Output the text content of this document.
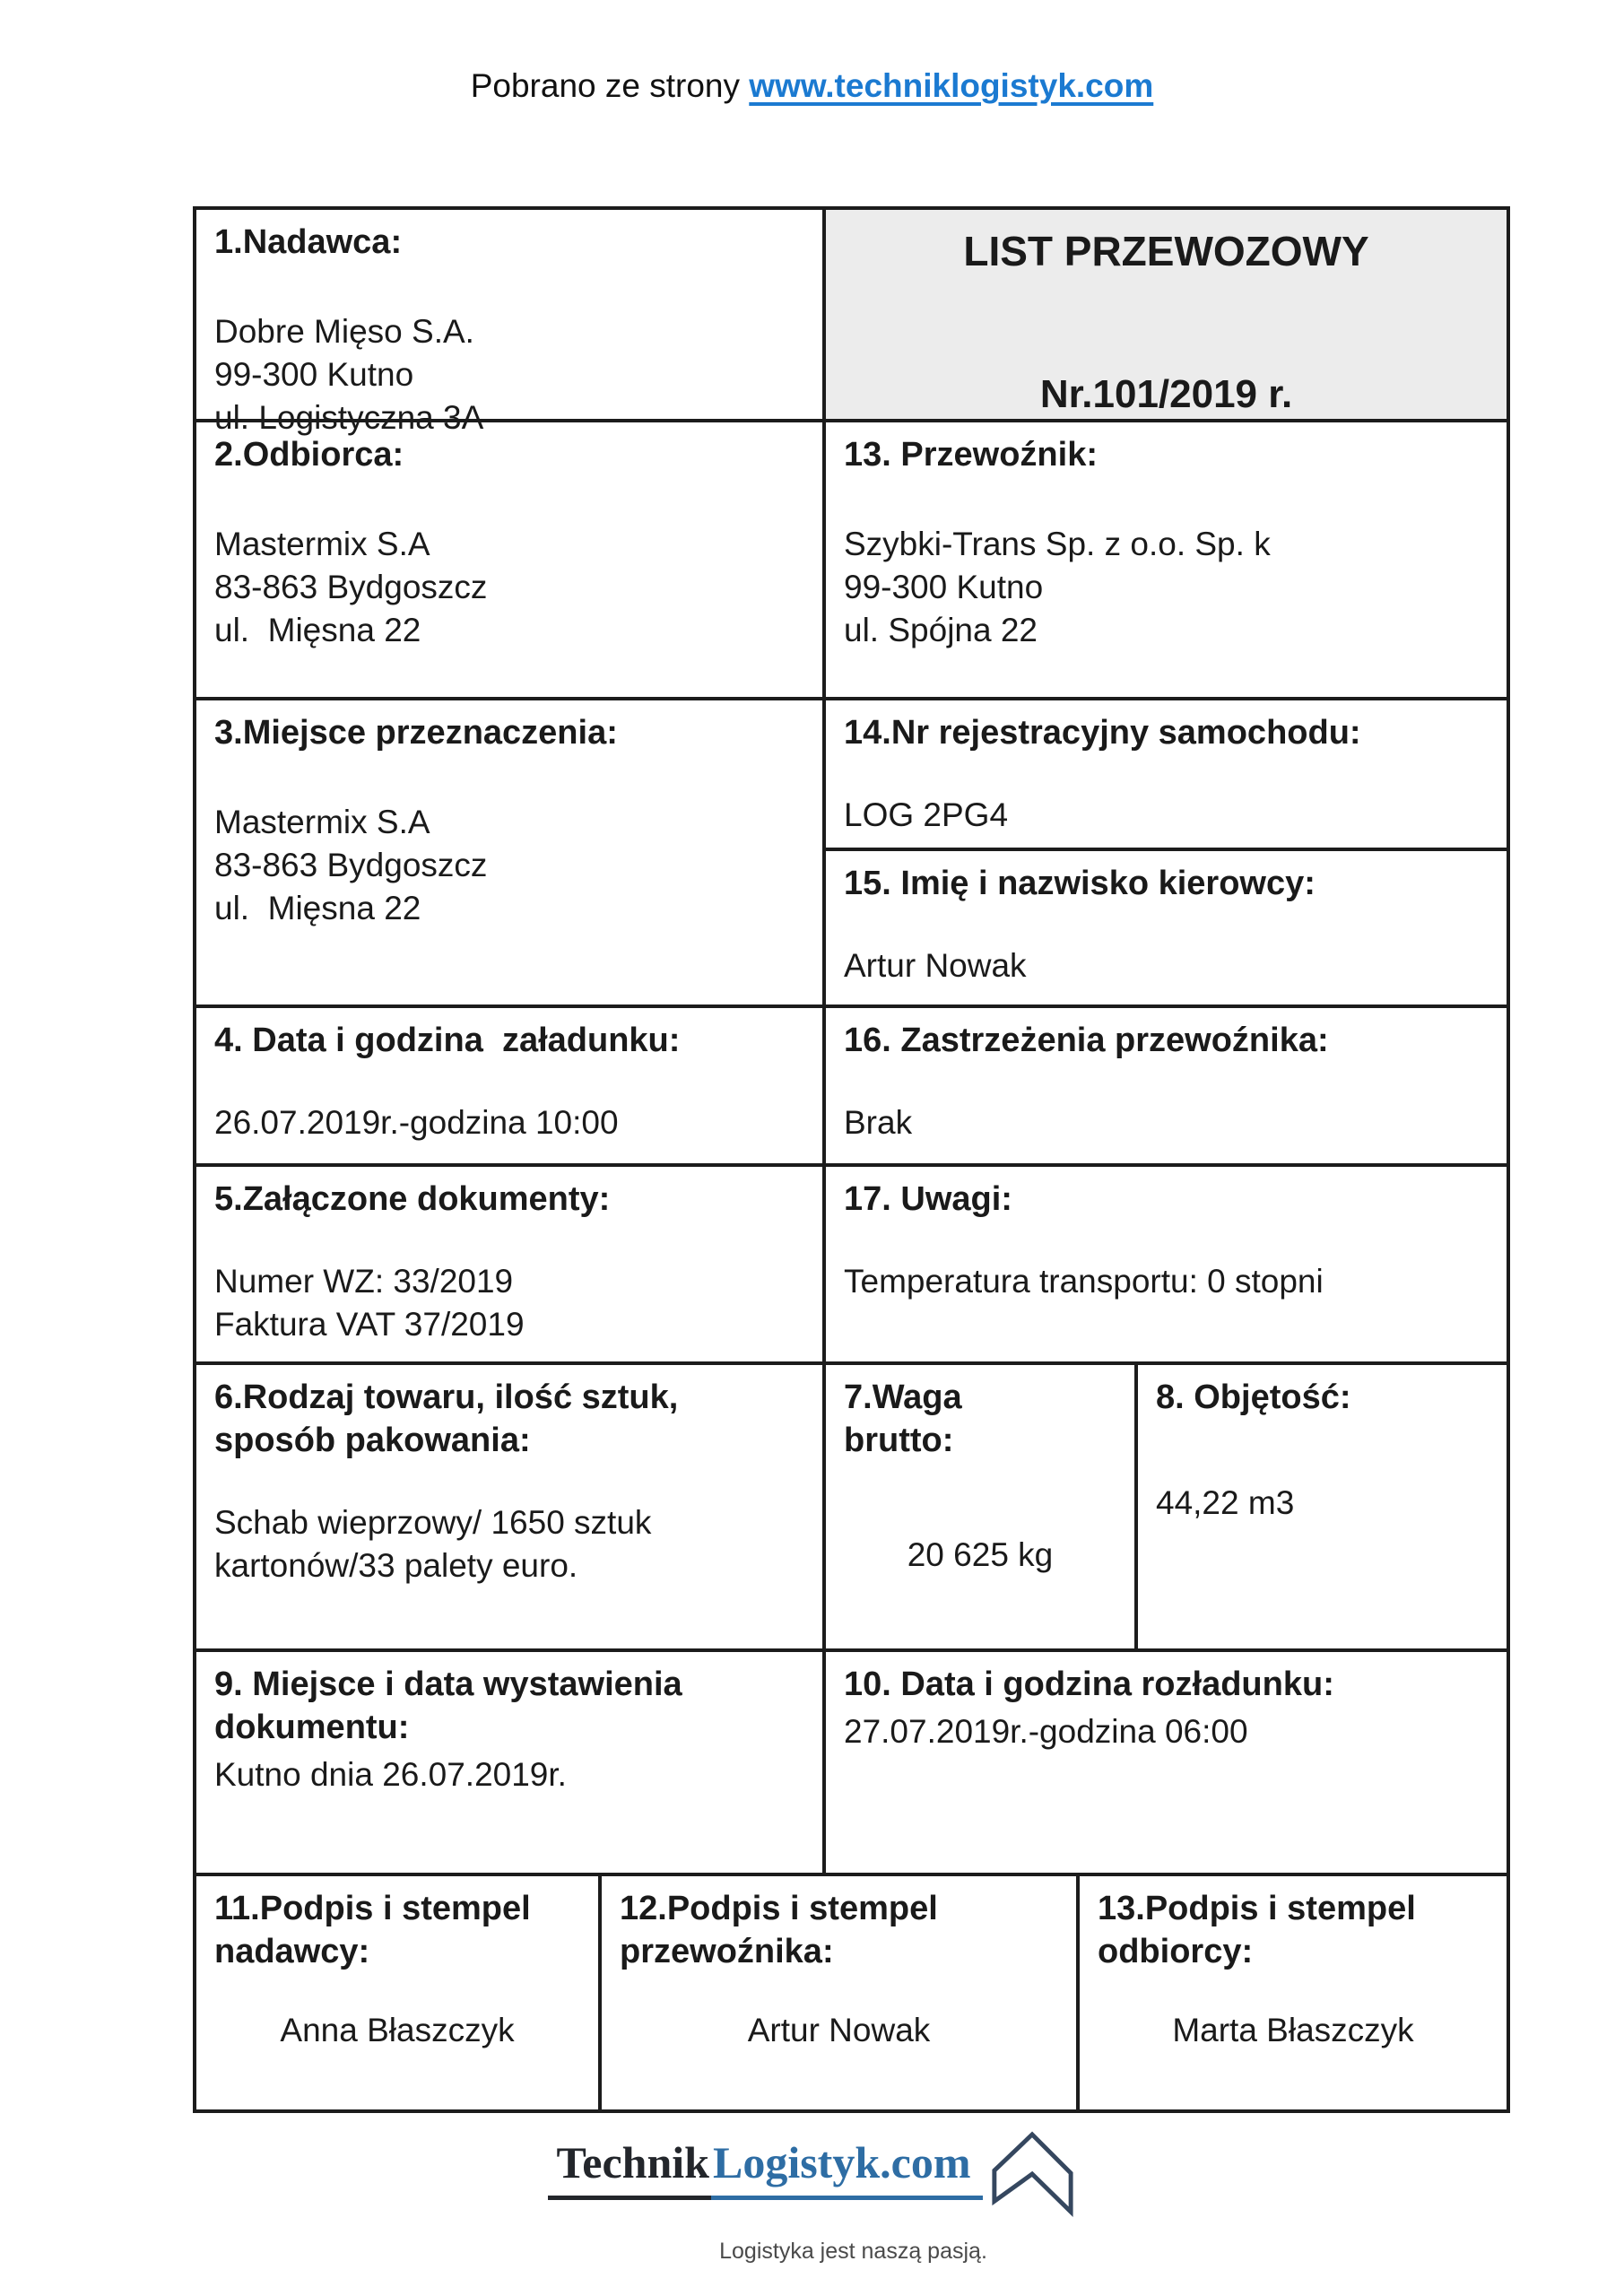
Pobrano ze strony www.techniklogistyk.com
1.Nadawca:
Dobre Mięso S.A.
99-300 Kutno
ul. Logistyczna 3A
LIST PRZEWOZOWY
Nr.101/2019 r.
2.Odbiorca:
Mastermix S.A
83-863 Bydgoszcz
ul.  Mięsna 22
13. Przewoźnik:
Szybki-Trans Sp. z o.o. Sp. k
99-300 Kutno
ul. Spójna 22
3.Miejsce przeznaczenia:
Mastermix S.A
83-863 Bydgoszcz
ul.  Mięsna 22
14.Nr rejestracyjny samochodu:
LOG 2PG4
15. Imię i nazwisko kierowcy:
Artur Nowak
4. Data i godzina  załadunku:
26.07.2019r.-godzina 10:00
16. Zastrzeżenia przewoźnika:
Brak
5.Załączone dokumenty:
Numer WZ: 33/2019
Faktura VAT 37/2019
17. Uwagi:
Temperatura transportu: 0 stopni
6.Rodzaj towaru, ilość sztuk, sposób pakowania:
Schab wieprzowy/ 1650 sztuk
kartonów/33 palety euro.
7.Waga brutto:
20 625 kg
8. Objętość:
44,22 m3
9. Miejsce i data wystawienia dokumentu:
Kutno dnia 26.07.2019r.
10. Data i godzina rozładunku:
27.07.2019r.-godzina 06:00
11.Podpis i stempel nadawcy:
Anna Błaszczyk
12.Podpis i stempel przewoźnika:
Artur Nowak
13.Podpis i stempel odbiorcy:
Marta Błaszczyk
TechnikLogistyk.com
Logistyka jest naszą pasją.
